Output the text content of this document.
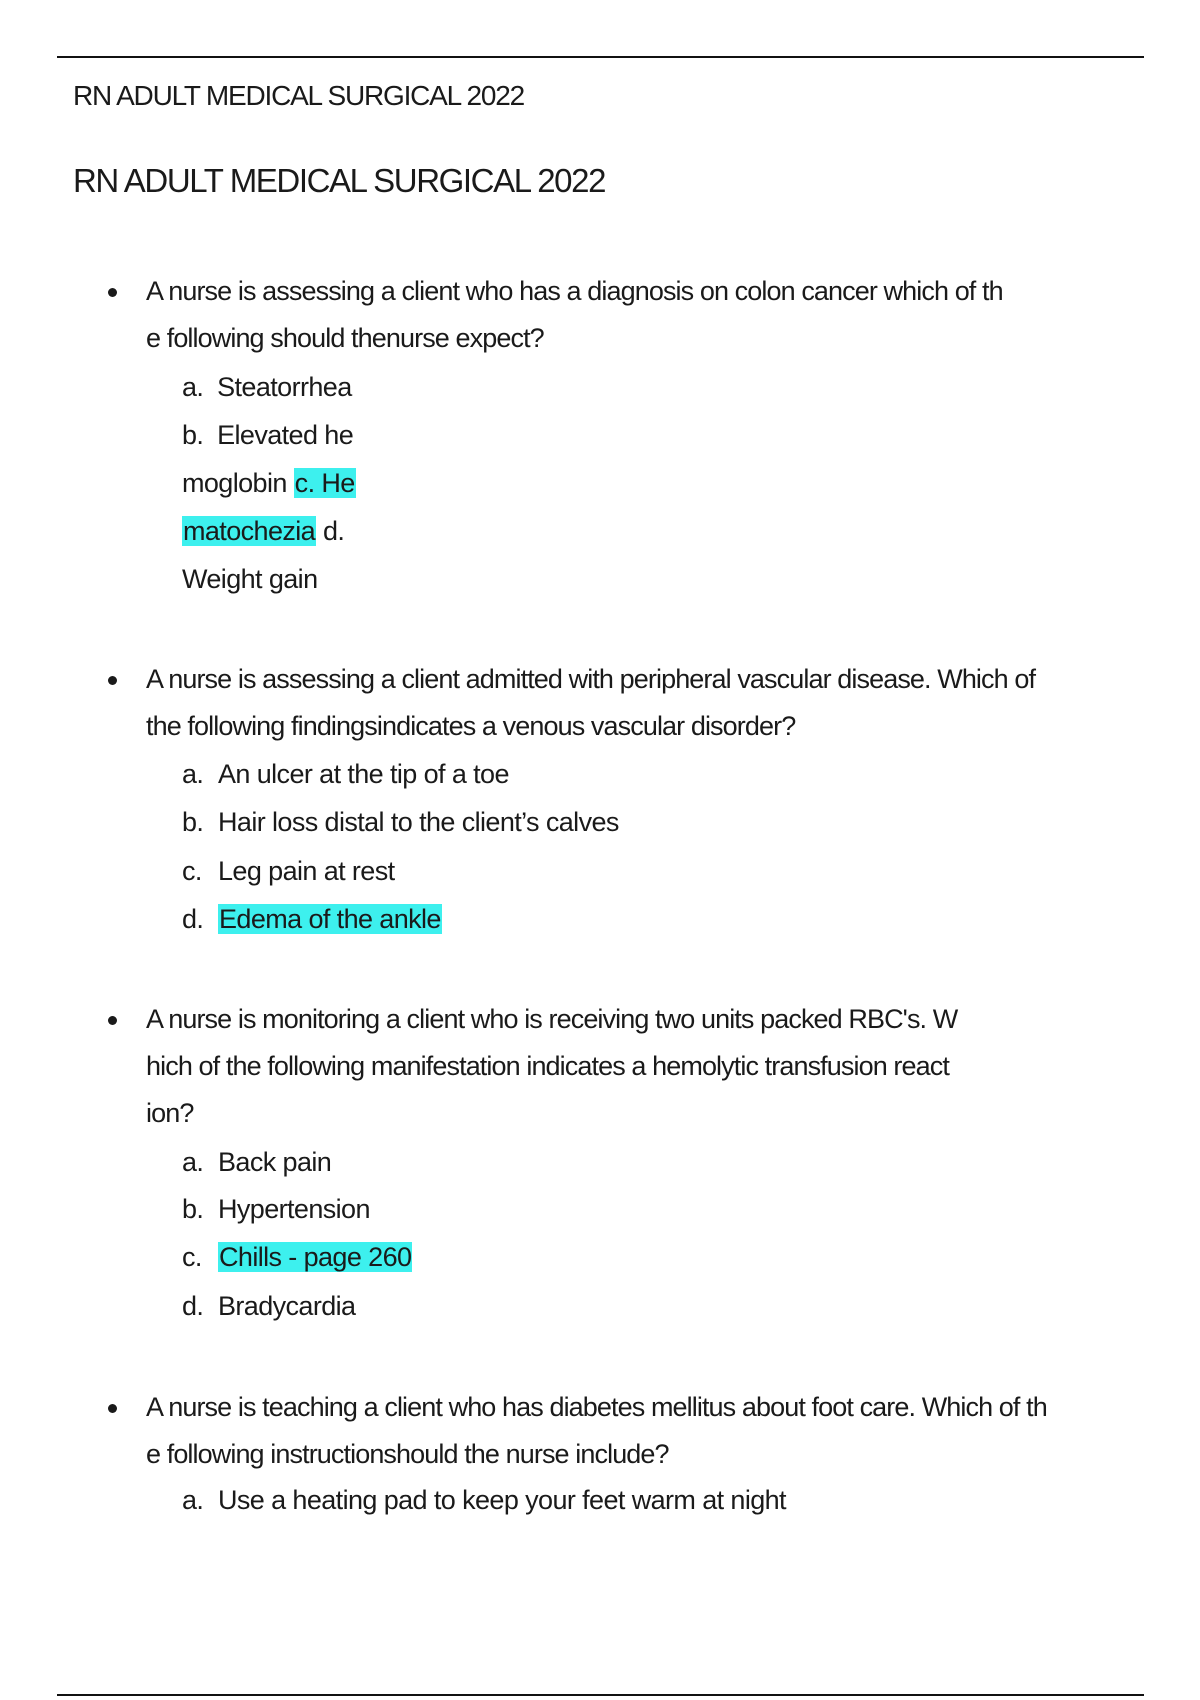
RN ADULT MEDICAL SURGICAL 2022
RN ADULT MEDICAL SURGICAL 2022
A nurse is assessing a client who has a diagnosis on colon cancer which of th
e following should thenurse expect?
a.  Steatorrhea
b.  Elevated he
moglobin c. He
matochezia d.
Weight gain
A nurse is assessing a client admitted with peripheral vascular disease. Which of
the following findingsindicates a venous vascular disorder?
a. An ulcer at the tip of a toe
b. Hair loss distal to the client’s calves
c. Leg pain at rest
d. Edema of the ankle
A nurse is monitoring a client who is receiving two units packed RBC's. W
hich of the following manifestation indicates a hemolytic transfusion react
ion?
a. Back pain
b. Hypertension
c. Chills - page 260
d. Bradycardia
A nurse is teaching a client who has diabetes mellitus about foot care. Which of th
e following instructionshould the nurse include?
a. Use a heating pad to keep your feet warm at night
